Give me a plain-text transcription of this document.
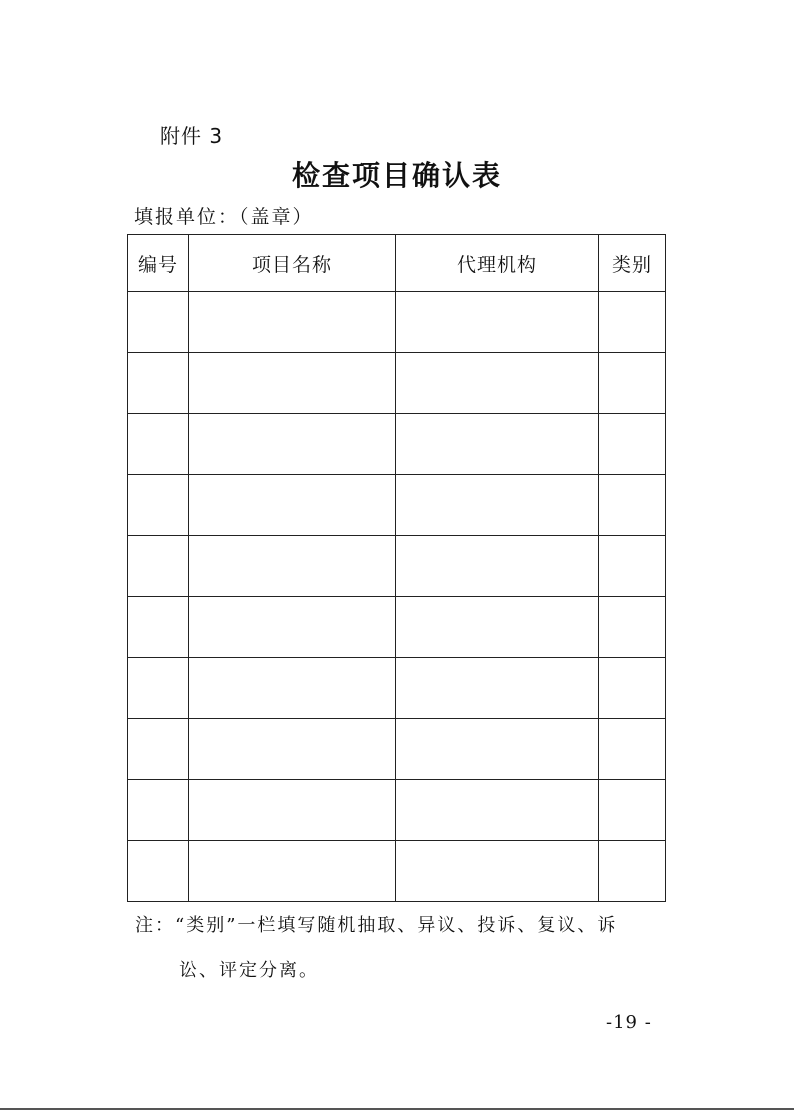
附件 3
检查项目确认表
填报单位：（盖章）
编号	项目名称	代理机构	类别

注：“类别”一栏填写随机抽取、异议、投诉、复议、诉
讼、评定分离。
-19 -
